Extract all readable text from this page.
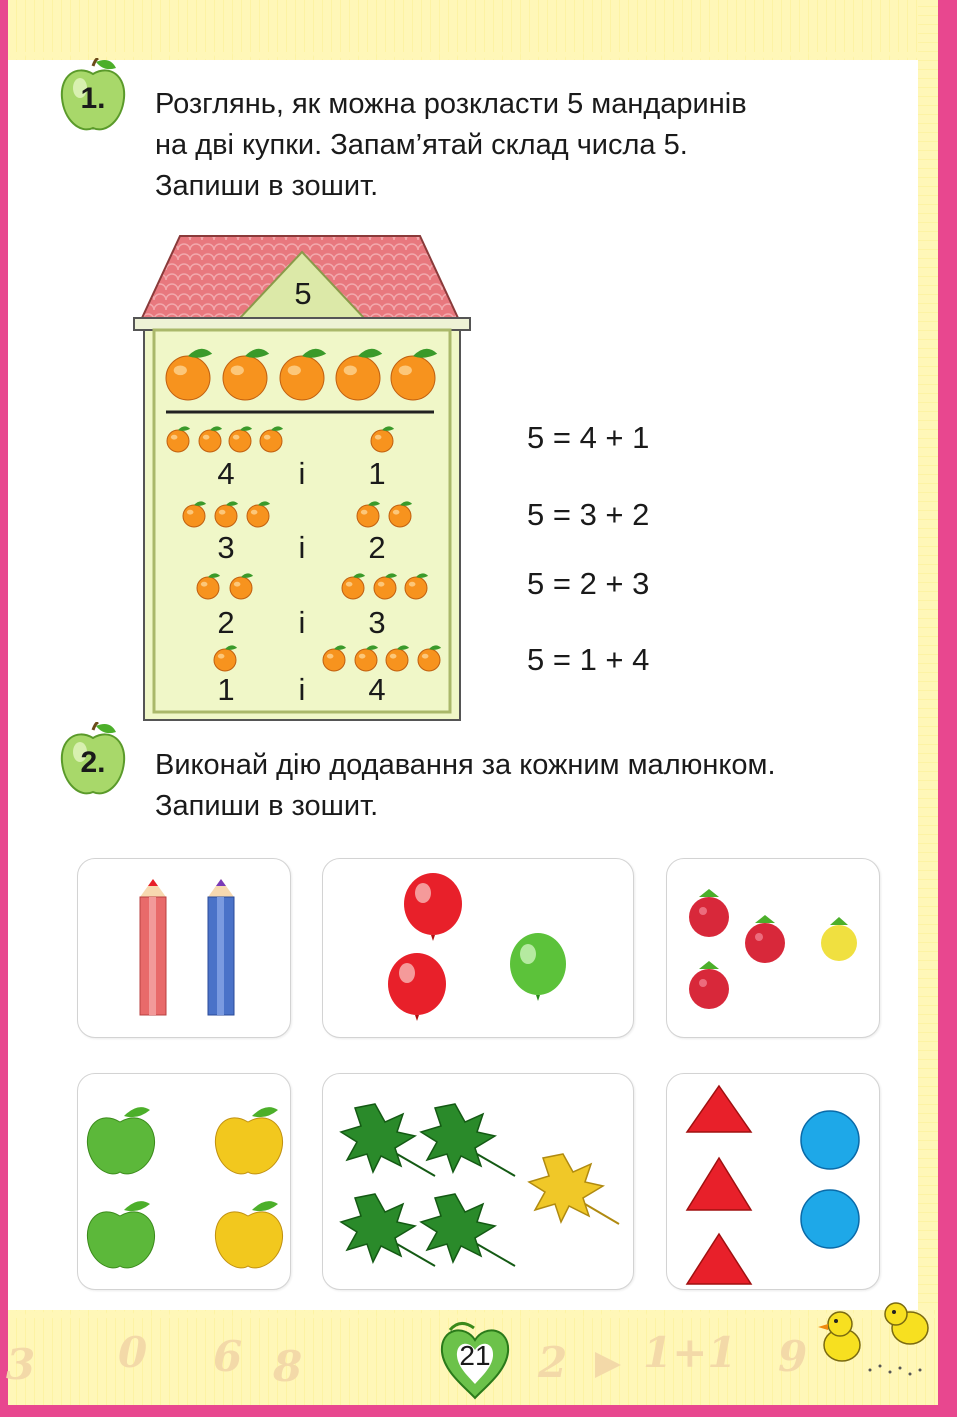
3 0 6 8	2 1+1 9
1.	Розглянь, як можна розкласти 5 мандаринів
на дві купки. Запам’ятай склад числа 5.
Запиши в зошит.
5
4	і	1
3	і	2
2	і	3
1	і	4
5 = 4 + 1
5 = 3 + 2
5 = 2 + 3
5 = 1 + 4
2.	Виконай дію додавання за кожним малюнком.
Запиши в зошит.
21
